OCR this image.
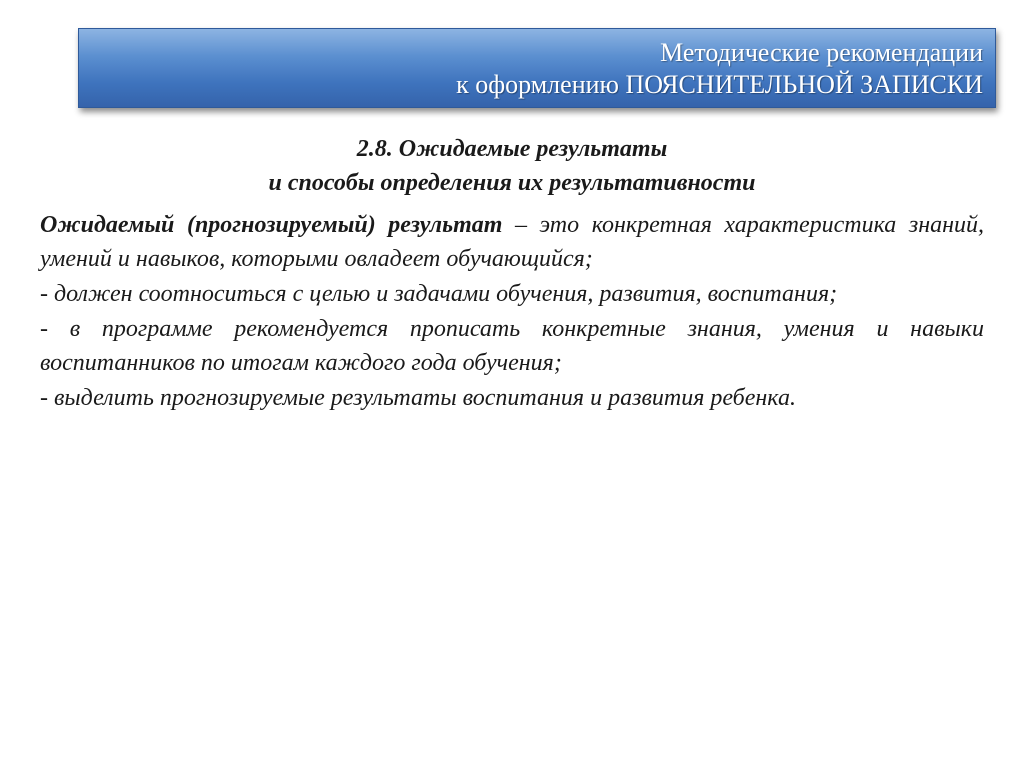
Методические рекомендации
к оформлению ПОЯСНИТЕЛЬНОЙ ЗАПИСКИ
2.8. Ожидаемые результаты
и способы определения их результативности

Ожидаемый (прогнозируемый) результат – это конкретная характеристика знаний, умений и навыков, которыми овладеет обучающийся;

- должен соотноситься с целью и задачами обучения, развития, воспитания;

- в программе рекомендуется прописать конкретные знания, умения и навыки воспитанников по итогам каждого года обучения;

- выделить прогнозируемые результаты воспитания и развития ребенка.
